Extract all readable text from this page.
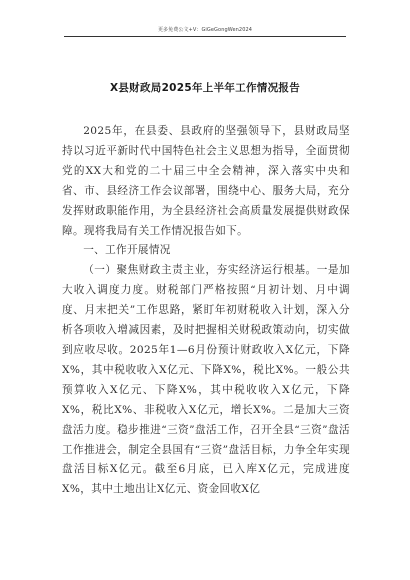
更多免费公文+V：GiGeGongWen2024
X县财政局2025年上半年工作情况报告

2025年，在县委、县政府的坚强领导下，县财政局坚持以习近平新时代中国特色社会主义思想为指导，全面贯彻党的XX大和党的二十届三中全会精神，深入落实中央和省、市、县经济工作会议部署，围绕中心、服务大局，充分发挥财政职能作用，为全县经济社会高质量发展提供财政保障。现将我局有关工作情况报告如下。

一、工作开展情况

（一）聚焦财政主责主业，夯实经济运行根基。一是加大收入调度力度。财税部门严格按照“月初计划、月中调度、月末把关”工作思路，紧盯年初财税收入计划，深入分析各项收入增减因素，及时把握相关财税政策动向，切实做到应收尽收。2025年1—6月份预计财政收入X亿元，下降X%，其中税收收入X亿元、下降X%，税比X%。一般公共预算收入X亿元、下降X%，其中税收收入X亿元，下降X%，税比X%、非税收入X亿元，增长X%。二是加大三资盘活力度。稳步推进“三资”盘活工作，召开全县“三资”盘活工作推进会，制定全县国有“三资”盘活目标，力争全年实现盘活目标X亿元。截至6月底，已入库X亿元，完成进度X%，其中土地出让X亿元、资金回收X亿
